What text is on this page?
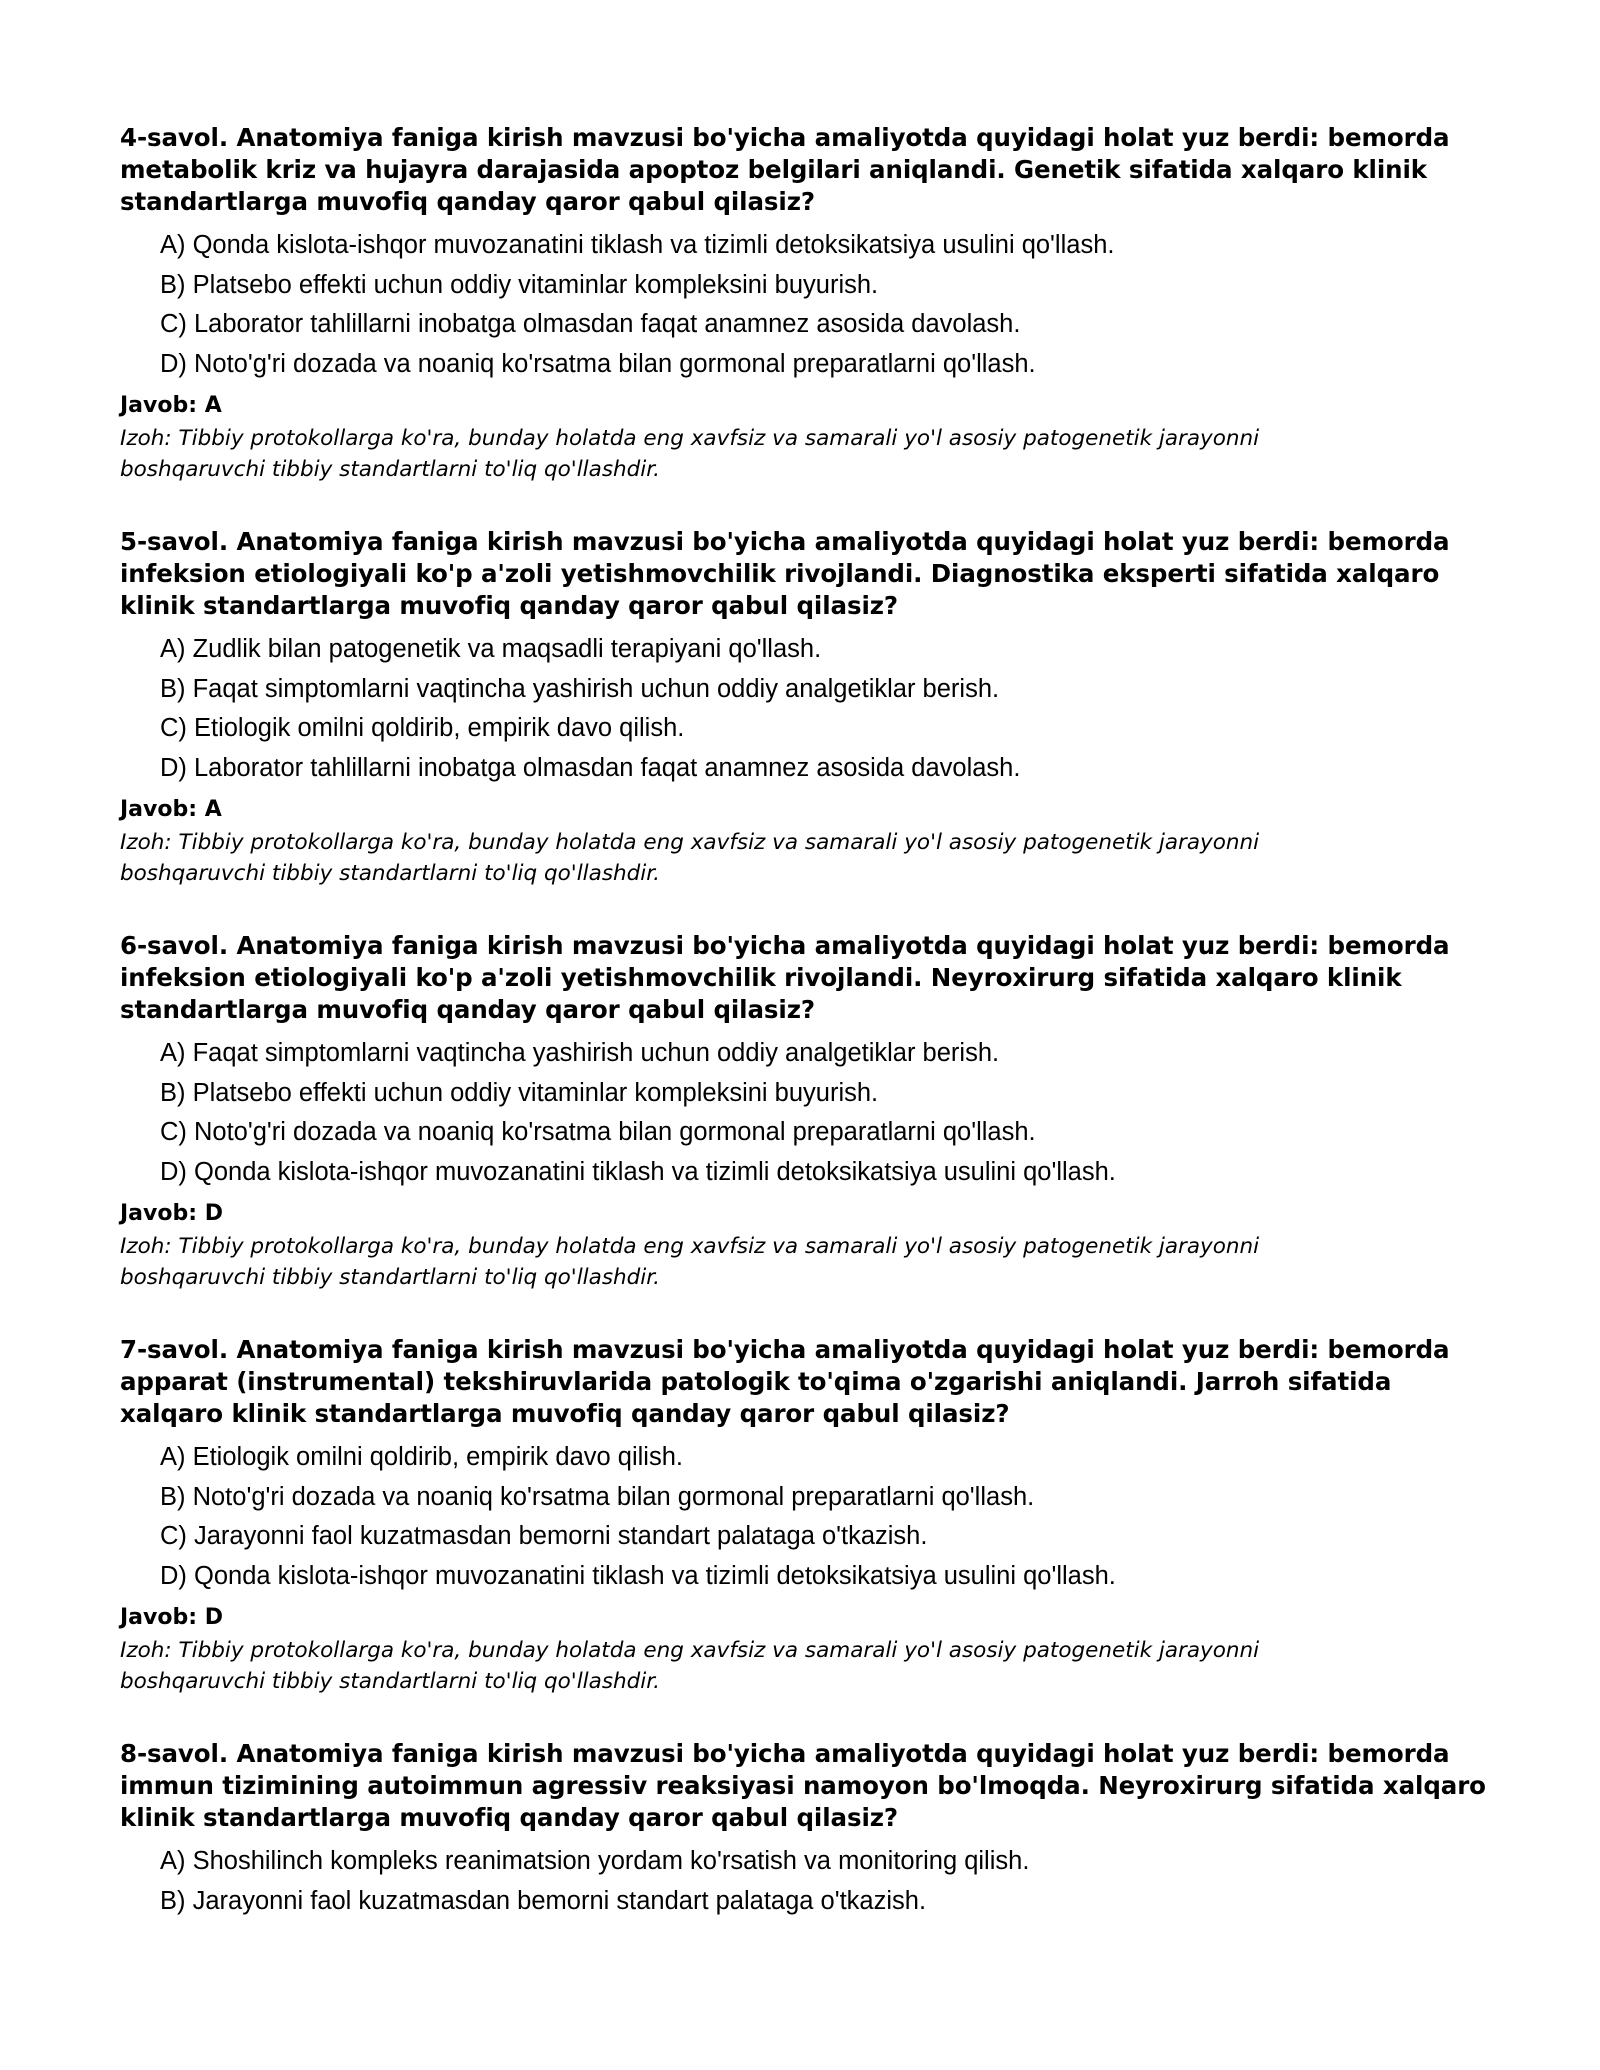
4-savol. Anatomiya faniga kirish mavzusi bo'yicha amaliyotda quyidagi holat yuz berdi: bemorda metabolik kriz va hujayra darajasida apoptoz belgilari aniqlandi. Genetik sifatida xalqaro klinik standartlarga muvofiq qanday qaror qabul qilasiz?

A) Qonda kislota-ishqor muvozanatini tiklash va tizimli detoksikatsiya usulini qo'llash.
B) Platsebo effekti uchun oddiy vitaminlar kompleksini buyurish.
C) Laborator tahlillarni inobatga olmasdan faqat anamnez asosida davolash.
D) Noto'g'ri dozada va noaniq ko'rsatma bilan gormonal preparatlarni qo'llash.

Javob: A

Izoh: Tibbiy protokollarga ko'ra, bunday holatda eng xavfsiz va samarali yo'l asosiy patogenetik jarayonni boshqaruvchi tibbiy standartlarni to'liq qo'llashdir.

5-savol. Anatomiya faniga kirish mavzusi bo'yicha amaliyotda quyidagi holat yuz berdi: bemorda infeksion etiologiyali ko'p a'zoli yetishmovchilik rivojlandi. Diagnostika eksperti sifatida xalqaro klinik standartlarga muvofiq qanday qaror qabul qilasiz?

A) Zudlik bilan patogenetik va maqsadli terapiyani qo'llash.
B) Faqat simptomlarni vaqtincha yashirish uchun oddiy analgetiklar berish.
C) Etiologik omilni qoldirib, empirik davo qilish.
D) Laborator tahlillarni inobatga olmasdan faqat anamnez asosida davolash.

Javob: A

Izoh: Tibbiy protokollarga ko'ra, bunday holatda eng xavfsiz va samarali yo'l asosiy patogenetik jarayonni boshqaruvchi tibbiy standartlarni to'liq qo'llashdir.

6-savol. Anatomiya faniga kirish mavzusi bo'yicha amaliyotda quyidagi holat yuz berdi: bemorda infeksion etiologiyali ko'p a'zoli yetishmovchilik rivojlandi. Neyroxirurg sifatida xalqaro klinik standartlarga muvofiq qanday qaror qabul qilasiz?

A) Faqat simptomlarni vaqtincha yashirish uchun oddiy analgetiklar berish.
B) Platsebo effekti uchun oddiy vitaminlar kompleksini buyurish.
C) Noto'g'ri dozada va noaniq ko'rsatma bilan gormonal preparatlarni qo'llash.
D) Qonda kislota-ishqor muvozanatini tiklash va tizimli detoksikatsiya usulini qo'llash.

Javob: D

Izoh: Tibbiy protokollarga ko'ra, bunday holatda eng xavfsiz va samarali yo'l asosiy patogenetik jarayonni boshqaruvchi tibbiy standartlarni to'liq qo'llashdir.

7-savol. Anatomiya faniga kirish mavzusi bo'yicha amaliyotda quyidagi holat yuz berdi: bemorda apparat (instrumental) tekshiruvlarida patologik to'qima o'zgarishi aniqlandi. Jarroh sifatida xalqaro klinik standartlarga muvofiq qanday qaror qabul qilasiz?

A) Etiologik omilni qoldirib, empirik davo qilish.
B) Noto'g'ri dozada va noaniq ko'rsatma bilan gormonal preparatlarni qo'llash.
C) Jarayonni faol kuzatmasdan bemorni standart palataga o'tkazish.
D) Qonda kislota-ishqor muvozanatini tiklash va tizimli detoksikatsiya usulini qo'llash.

Javob: D

Izoh: Tibbiy protokollarga ko'ra, bunday holatda eng xavfsiz va samarali yo'l asosiy patogenetik jarayonni boshqaruvchi tibbiy standartlarni to'liq qo'llashdir.

8-savol. Anatomiya faniga kirish mavzusi bo'yicha amaliyotda quyidagi holat yuz berdi: bemorda immun tizimining autoimmun agressiv reaksiyasi namoyon bo'lmoqda. Neyroxirurg sifatida xalqaro klinik standartlarga muvofiq qanday qaror qabul qilasiz?

A) Shoshilinch kompleks reanimatsion yordam ko'rsatish va monitoring qilish.
B) Jarayonni faol kuzatmasdan bemorni standart palataga o'tkazish.
